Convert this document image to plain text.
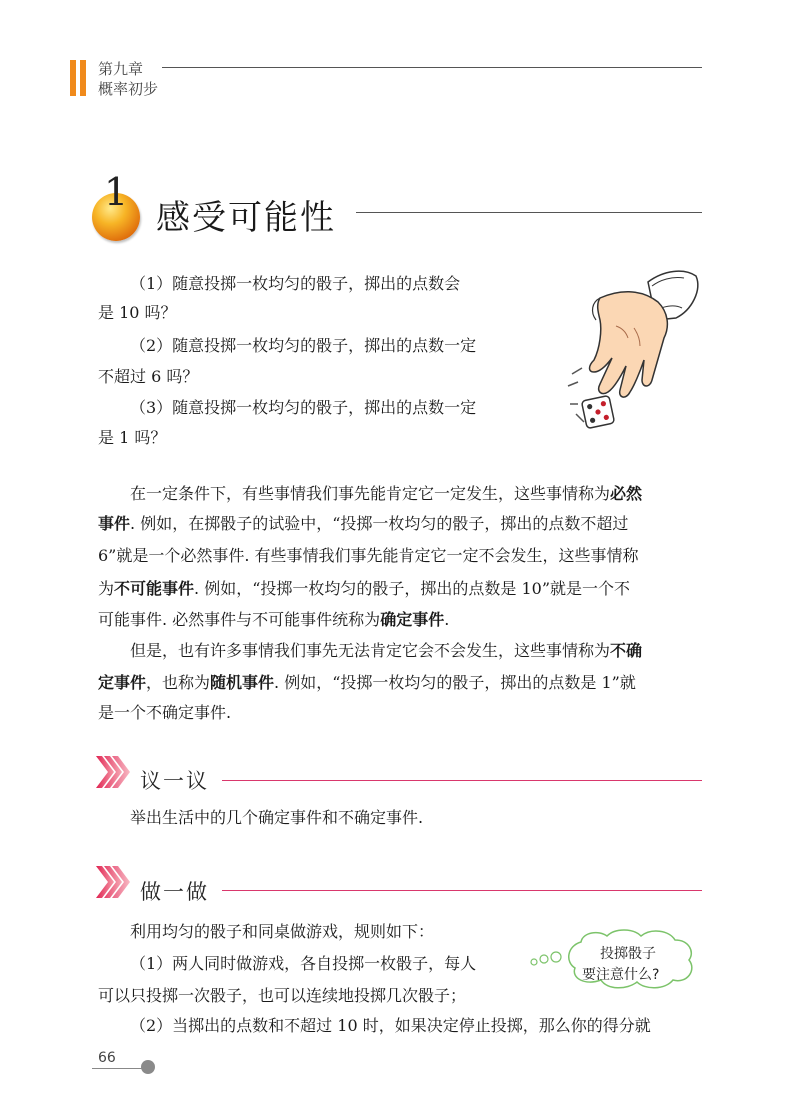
第九章
概率初步
1
感受可能性

（1）随意投掷一枚均匀的骰子，掷出的点数会

是 10 吗？

（2）随意投掷一枚均匀的骰子，掷出的点数一定

不超过 6 吗？

（3）随意投掷一枚均匀的骰子，掷出的点数一定

是 1 吗？

在一定条件下，有些事情我们事先能肯定它一定发生，这些事情称为必然

事件. 例如，在掷骰子的试验中，“投掷一枚均匀的骰子，掷出的点数不超过

6”就是一个必然事件. 有些事情我们事先能肯定它一定不会发生，这些事情称

为不可能事件. 例如，“投掷一枚均匀的骰子，掷出的点数是 10”就是一个不

可能事件. 必然事件与不可能事件统称为确定事件.

但是，也有许多事情我们事先无法肯定它会不会发生，这些事情称为不确

定事件，也称为随机事件. 例如，“投掷一枚均匀的骰子，掷出的点数是 1”就

是一个不确定事件.

议一议

举出生活中的几个确定事件和不确定事件.

做一做

利用均匀的骰子和同桌做游戏，规则如下：

（1）两人同时做游戏，各自投掷一枚骰子，每人

可以只投掷一次骰子，也可以连续地投掷几次骰子；

（2）当掷出的点数和不超过 10 时，如果决定停止投掷，那么你的得分就

投掷骰子
要注意什么?
66
